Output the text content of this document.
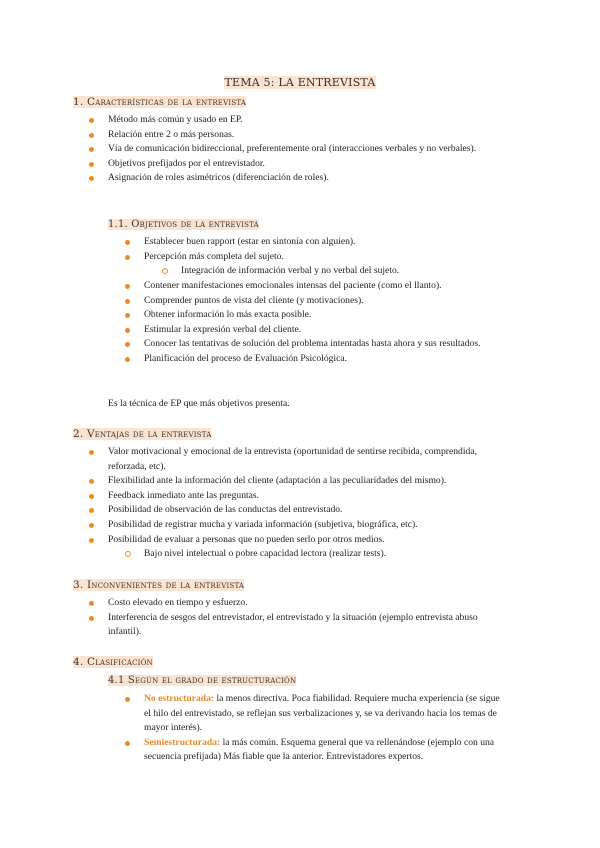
TEMA 5: LA ENTREVISTA
1. Características de la entrevista
Método más común y usado en EP.
Relación entre 2 o más personas.
Vía de comunicación bidireccional, preferentemente oral (interacciones verbales y no verbales).
Objetivos prefijados por el entrevistador.
Asignación de roles asimétricos (diferenciación de roles).
1.1. Objetivos de la entrevista
Establecer buen rapport (estar en sintonía con alguien).
Percepción más completa del sujeto.
Integración de información verbal y no verbal del sujeto.
Contener manifestaciones emocionales intensas del paciente (como el llanto).
Comprender puntos de vista del cliente (y motivaciones).
Obtener información lo más exacta posible.
Estimular la expresión verbal del cliente.
Conocer las tentativas de solución del problema intentadas hasta ahora y sus resultados.
Planificación del proceso de Evaluación Psicológica.
Es la técnica de EP que más objetivos presenta.
2. Ventajas de la entrevista
Valor motivacional y emocional de la entrevista (oportunidad de sentirse recibida, comprendida, reforzada, etc).
Flexibilidad ante la información del cliente (adaptación a las peculiaridades del mismo).
Feedback inmediato ante las preguntas.
Posibilidad de observación de las conductas del entrevistado.
Posibilidad de registrar mucha y variada información (subjetiva, biográfica, etc).
Posibilidad de evaluar a personas que no pueden serlo por otros medios.
Bajo nivel intelectual o pobre capacidad lectora (realizar tests).
3. Inconvenientes de la entrevista
Costo elevado en tiempo y esfuerzo.
Interferencia de sesgos del entrevistador, el entrevistado y la situación (ejemplo entrevista abuso infantil).
4. Clasificación
4.1 Según el grado de estructuración
No estructurada: la menos directiva. Poca fiabilidad. Requiere mucha experiencia (se sigue el hilo del entrevistado, se reflejan sus verbalizaciones y, se va derivando hacia los temas de mayor interés).
Semiestructurada: la más común. Esquema general que va rellenándose (ejemplo con una secuencia prefijada) Más fiable que la anterior. Entrevistadores expertos.
